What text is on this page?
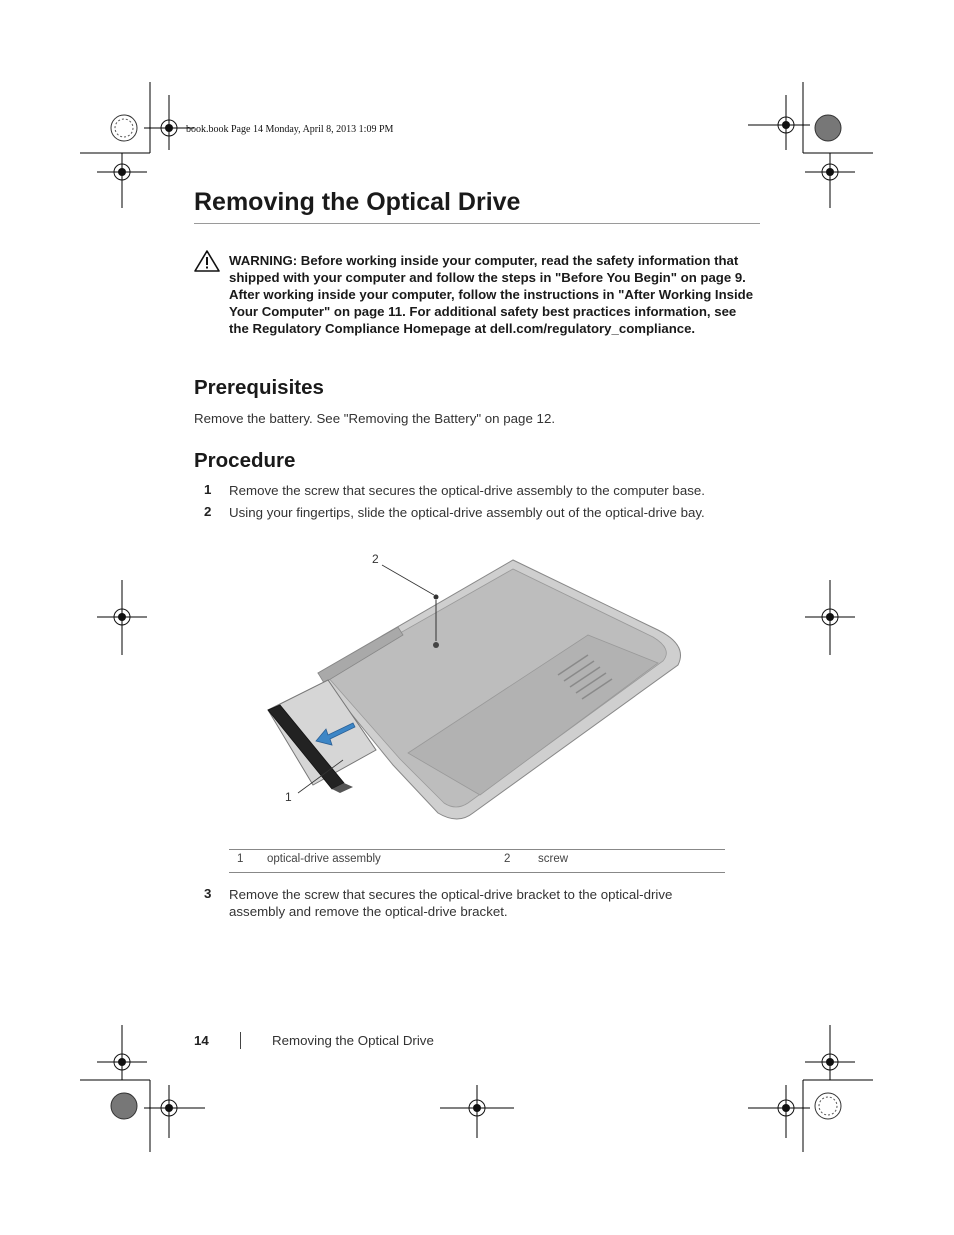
book.book Page 14 Monday, April 8, 2013 1:09 PM
Removing the Optical Drive
WARNING: Before working inside your computer, read the safety information that shipped with your computer and follow the steps in "Before You Begin" on page 9. After working inside your computer, follow the instructions in "After Working Inside Your Computer" on page 11. For additional safety best practices information, see the Regulatory Compliance Homepage at dell.com/regulatory_compliance.
Prerequisites
Remove the battery. See "Removing the Battery" on page 12.
Procedure
1 Remove the screw that secures the optical-drive assembly to the computer base.
2 Using your fingertips, slide the optical-drive assembly out of the optical-drive bay.
2
1
1 optical-drive assembly	2 screw
3 Remove the screw that secures the optical-drive bracket to the optical-drive
assembly and remove the optical-drive bracket.
14	Removing the Optical Drive
